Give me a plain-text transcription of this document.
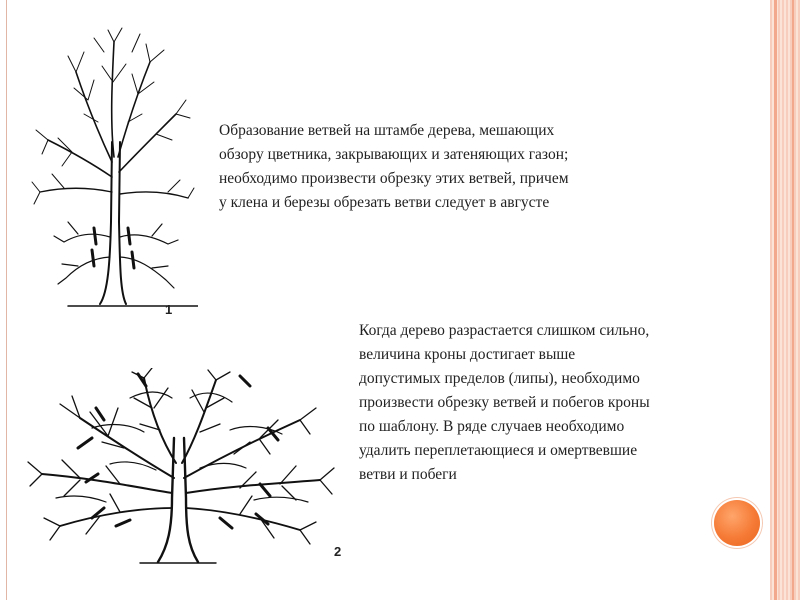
1
2
Образование ветвей на штамбе дерева, мешающих
обзору цветника, закрывающих и затеняющих газон;
необходимо произвести обрезку этих ветвей, причем
у клена и березы обрезать ветви следует в августе
Когда дерево разрастается слишком сильно,
величина кроны достигает выше
допустимых пределов (липы), необходимо
произвести обрезку ветвей и побегов кроны
по шаблону. В ряде случаев необходимо
удалить переплетающиеся и омертвевшие
ветви и побеги
